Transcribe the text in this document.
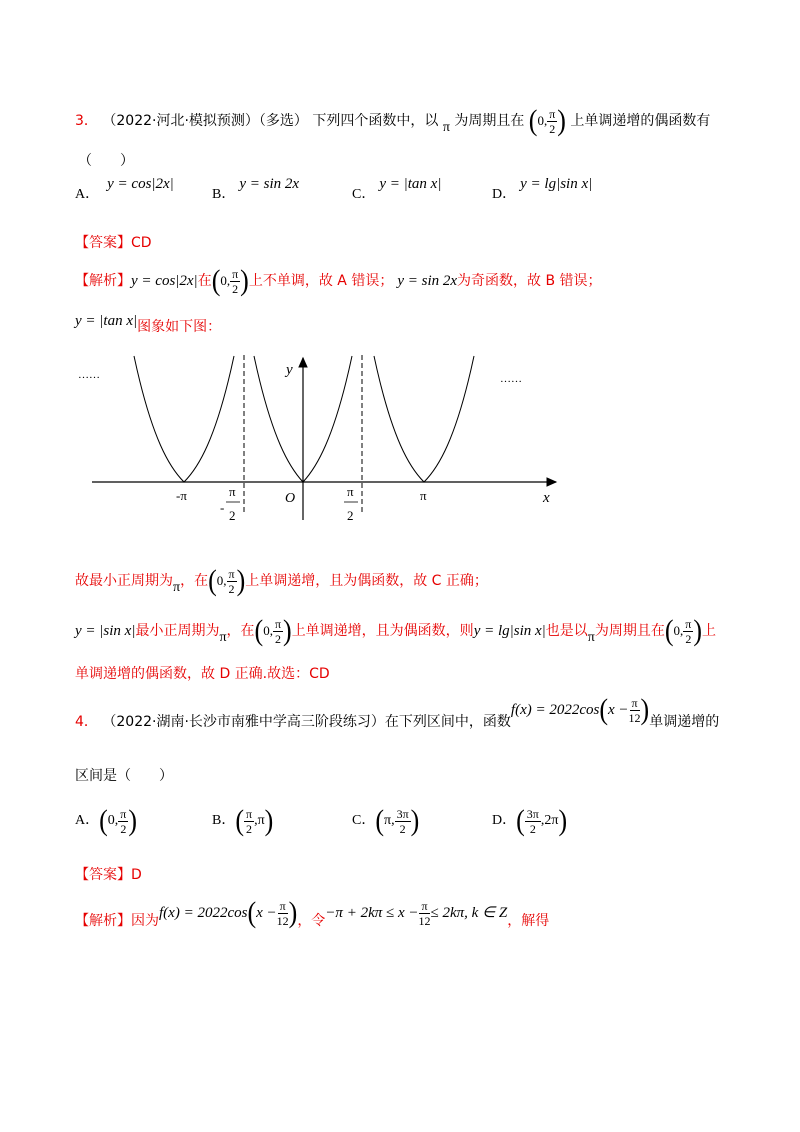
3． （2022·河北·模拟预测）（多选） 下列四个函数中，以 π 为周期且在 (0, $\frac{\pi}{2}$ ) 上单调递增的偶函数有
（　　）
A．y = cos|2x|
B．y = sin 2x
C．y = |tan x|
D．y = lg|sin x|
【答案】CD
【解析】y = cos|2x|在(0, $\frac{\pi}{2}$ )上不单调，故 A 错误； y = sin 2x为奇函数，故 B 错误；
y = |tan x|图象如下图：
……	……
y
x
O
-π	π
-
π
2
π
2
故最小正周期为π，在(0, $\frac{\pi}{2}$ )上单调递增，且为偶函数，故 C 正确；
y = |sin x|最小正周期为π，在(0, $\frac{\pi}{2}$ )上单调递增，且为偶函数，则y = lg|sin x|也是以π为周期且在(0, $\frac{\pi}{2}$ )上
单调递增的偶函数，故 D 正确.故选：CD
4． （2022·湖南·长沙市南雅中学高三阶段练习）在下列区间中，函数$f(x) = 2022\cos(x - \frac{\pi}{12}$ )单调递增的
区间是（　　）
A．(0, $\frac{\pi}{2}$ )	B．( $\frac{\pi}{2} ,\pi$)	C．(π, $\frac{3\pi}{2}$ )	D．( $\frac{3\pi}{2} ,2\pi$)
【答案】D
【解析】因为$f(x) = 2022\cos(x - \frac{\pi}{12}$ )，令$-\pi + 2k\pi \le x - \frac{\pi}{12} \le 2k\pi$, k ∈ Z，解得
